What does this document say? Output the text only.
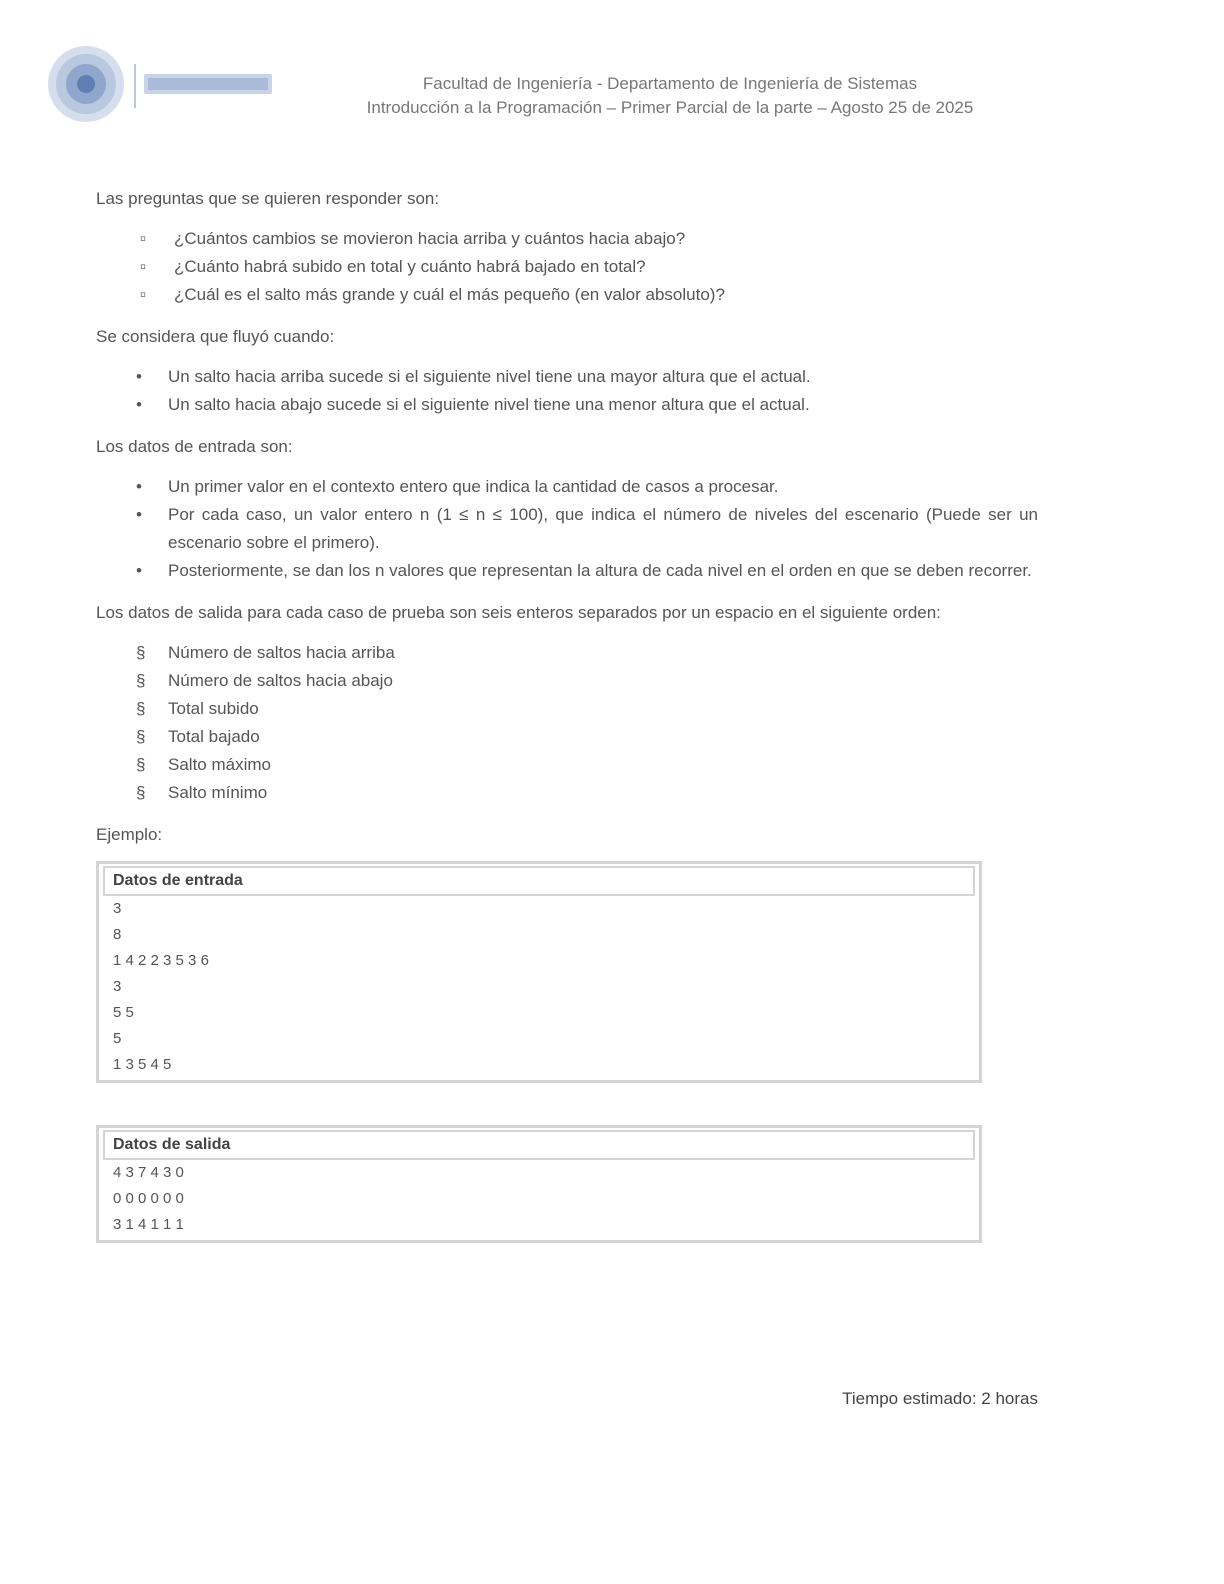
Facultad de Ingeniería - Departamento de Ingeniería de Sistemas
Introducción a la Programación – Primer Parcial de la parte – Agosto 25 de 2025

Las preguntas que se quieren responder son:

▫	¿Cuántos cambios se movieron hacia arriba y cuántos hacia abajo?
▫	¿Cuánto habrá subido en total y cuánto habrá bajado en total?
▫	¿Cuál es el salto más grande y cuál el más pequeño (en valor absoluto)?

Se considera que fluyó cuando:

•	Un salto hacia arriba sucede si el siguiente nivel tiene una mayor altura que el actual.
•	Un salto hacia abajo sucede si el siguiente nivel tiene una menor altura que el actual.

Los datos de entrada son:

•	Un primer valor en el contexto entero que indica la cantidad de casos a procesar.
•	Por cada caso, un valor entero n (1 ≤ n ≤ 100), que indica el número de niveles del escenario (Puede ser un escenario sobre el primero).
•	Posteriormente, se dan los n valores que representan la altura de cada nivel en el orden en que se deben recorrer.

Los datos de salida para cada caso de prueba son seis enteros separados por un espacio en el siguiente orden:

§	Número de saltos hacia arriba
§	Número de saltos hacia abajo
§	Total subido
§	Total bajado
§	Salto máximo
§	Salto mínimo

Ejemplo:

Datos de entrada
3
8
1 4 2 2 3 5 3 6
3
5 5
5
1 3 5 4 5
Datos de salida
4 3 7 4 3 0
0 0 0 0 0 0
3 1 4 1 1 1
Tiempo estimado: 2 horas
